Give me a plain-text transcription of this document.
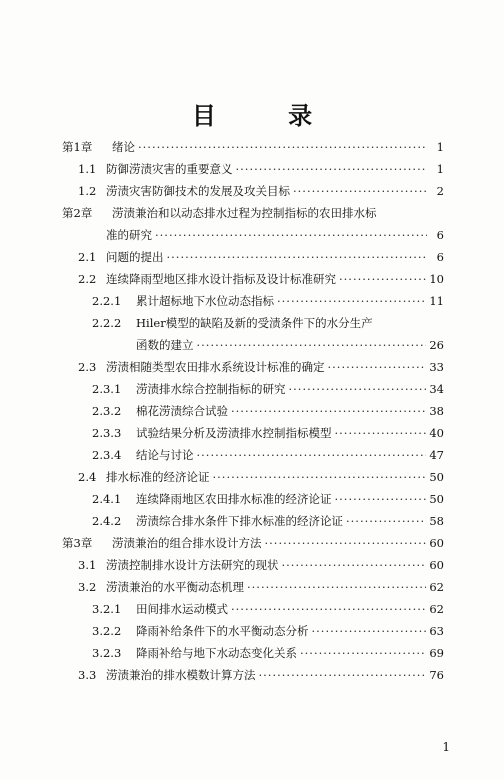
目 录
第1章	绪论 ·····	1
1.1 防御涝渍灾害的重要意义 ·····	1
1.2 涝渍灾害防御技术的发展及攻关目标 ·····	2
第2章	涝渍兼治和以动态排水过程为控制指标的农田排水标
准的研究 ·····	6
2.1 问题的提出 ·····	6
2.2 连续降雨型地区排水设计指标及设计标准研究 ·····	10
2.2.1	累计超标地下水位动态指标 ·····	11
2.2.2	Hiler模型的缺陷及新的受渍条件下的水分生产
函数的建立 ·····	26
2.3 涝渍相随类型农田排水系统设计标准的确定 ·····	33
2.3.1	涝渍排水综合控制指标的研究 ·····	34
2.3.2	棉花涝渍综合试验 ·····	38
2.3.3	试验结果分析及涝渍排水控制指标模型 ·····	40
2.3.4	结论与讨论 ·····	47
2.4 排水标准的经济论证 ·····	50
2.4.1	连续降雨地区农田排水标准的经济论证 ·····	50
2.4.2	涝渍综合排水条件下排水标准的经济论证 ·····	58
第3章	涝渍兼治的组合排水设计方法 ·····	60
3.1 涝渍控制排水设计方法研究的现状 ·····	60
3.2 涝渍兼治的水平衡动态机理 ·····	62
3.2.1	田间排水运动模式 ·····	62
3.2.2	降雨补给条件下的水平衡动态分析 ·····	63
3.2.3	降雨补给与地下水动态变化关系 ·····	69
3.3 涝渍兼治的排水模数计算方法 ·····	76
1
